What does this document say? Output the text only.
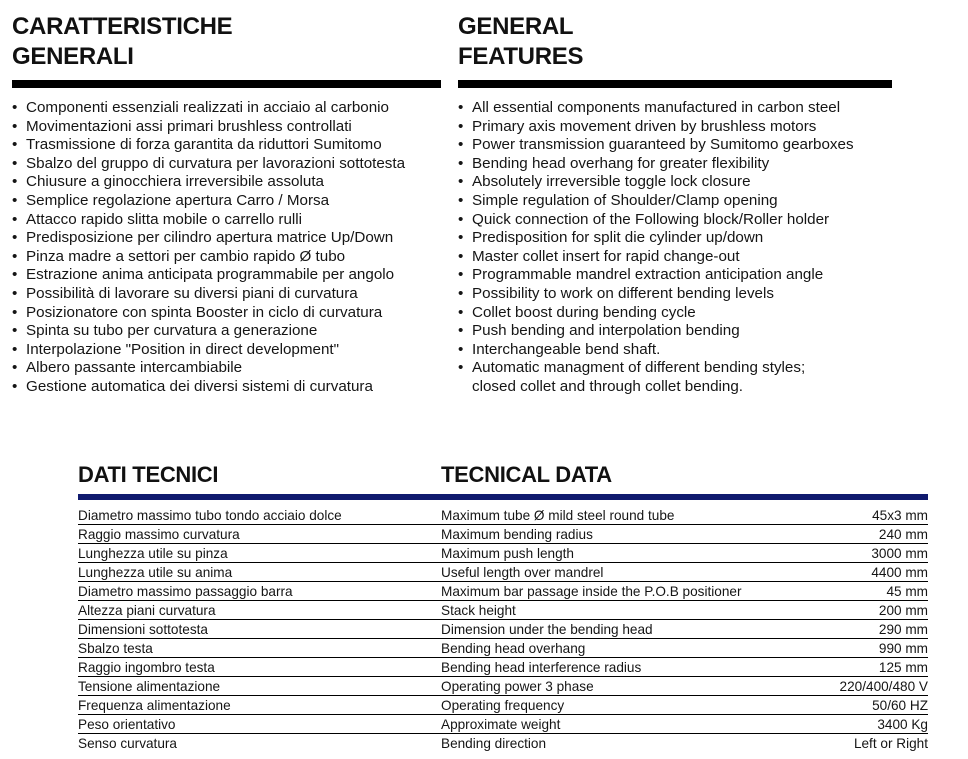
CARATTERISTICHE
GENERALI
• Componenti essenziali realizzati in acciaio al carbonio
• Movimentazioni assi primari brushless controllati
• Trasmissione di forza garantita da riduttori Sumitomo
• Sbalzo del gruppo di curvatura per lavorazioni sottotesta
• Chiusure a ginocchiera irreversibile assoluta
• Semplice regolazione apertura Carro / Morsa
• Attacco rapido slitta mobile o carrello rulli
• Predisposizione per cilindro apertura matrice Up/Down
• Pinza madre a settori per cambio rapido Ø tubo
• Estrazione anima anticipata programmabile per angolo
• Possibilità di lavorare su diversi piani di curvatura
• Posizionatore con spinta Booster in ciclo di curvatura
• Spinta su tubo per curvatura a generazione
• Interpolazione "Position in direct development"
• Albero passante intercambiabile
• Gestione automatica dei diversi sistemi di curvatura
GENERAL
FEATURES
• All essential components manufactured in carbon steel
• Primary axis movement driven by brushless motors
• Power transmission guaranteed by Sumitomo gearboxes
• Bending head overhang for greater flexibility
• Absolutely irreversible toggle lock closure
• Simple regulation of Shoulder/Clamp opening
• Quick connection of the Following block/Roller holder
• Predisposition for split die cylinder up/down
• Master collet insert for rapid change-out
• Programmable mandrel extraction anticipation angle
• Possibility to work on different bending levels
• Collet boost during bending cycle
• Push bending and interpolation bending
• Interchangeable bend shaft.
• Automatic managment of different bending styles;
closed collet and through collet bending.
DATI TECNICI	TECNICAL DATA
Diametro massimo tubo tondo acciaio dolce	Maximum tube Ø mild steel round tube	45x3 mm
Raggio massimo curvatura	Maximum bending radius	240 mm
Lunghezza utile su pinza	Maximum push length	3000 mm
Lunghezza utile su anima	Useful length over mandrel	4400 mm
Diametro massimo passaggio barra	Maximum bar passage inside the P.O.B positioner	45 mm
Altezza piani curvatura	Stack height	200 mm
Dimensioni sottotesta	Dimension under the bending head	290 mm
Sbalzo testa	Bending head overhang	990 mm
Raggio ingombro testa	Bending head interference radius	125 mm
Tensione alimentazione	Operating power 3 phase	220/400/480 V
Frequenza alimentazione	Operating frequency	50/60 HZ
Peso orientativo	Approximate weight	3400 Kg
Senso curvatura	Bending direction	Left or Right
